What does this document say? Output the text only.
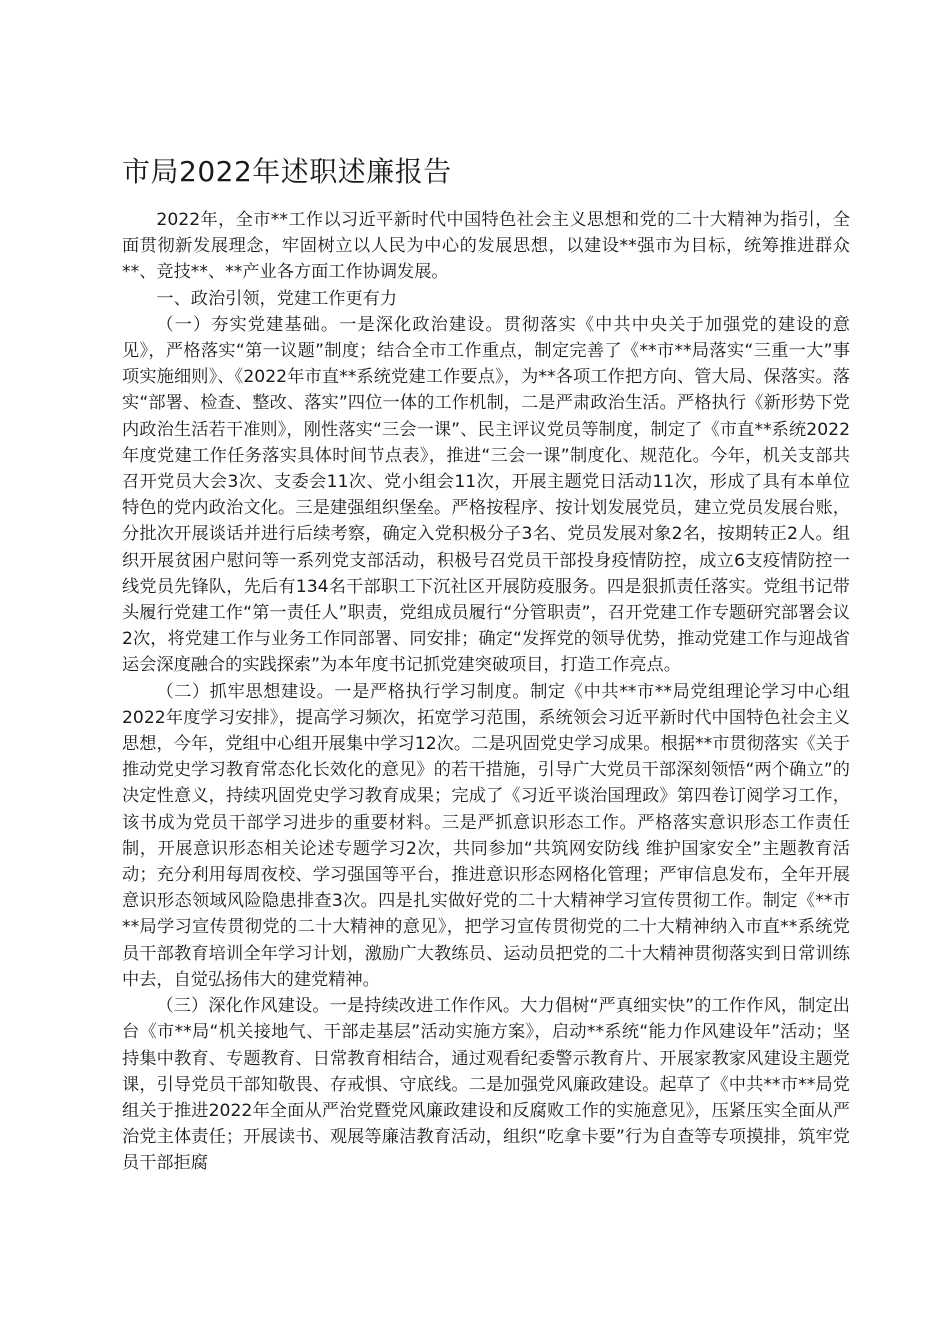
市局2022年述职述廉报告

2022年，全市**工作以习近平新时代中国特色社会主义思想和党的二十大精神为指引，全面贯彻新发展理念，牢固树立以人民为中心的发展思想，以建设**强市为目标，统筹推进群众**、竞技**、**产业各方面工作协调发展。

一、政治引领，党建工作更有力

（一）夯实党建基础。一是深化政治建设。贯彻落实《中共中央关于加强党的建设的意见》，严格落实“第一议题”制度；结合全市工作重点，制定完善了《**市**局落实“三重一大”事项实施细则》、《2022年市直**系统党建工作要点》，为**各项工作把方向、管大局、保落实。落实“部署、检查、整改、落实”四位一体的工作机制，二是严肃政治生活。严格执行《新形势下党内政治生活若干准则》，刚性落实“三会一课”、民主评议党员等制度，制定了《市直**系统2022年度党建工作任务落实具体时间节点表》，推进“三会一课”制度化、规范化。今年，机关支部共召开党员大会3次、支委会11次、党小组会11次，开展主题党日活动11次，形成了具有本单位特色的党内政治文化。三是建强组织堡垒。严格按程序、按计划发展党员，建立党员发展台账，分批次开展谈话并进行后续考察，确定入党积极分子3名、党员发展对象2名，按期转正2人。组织开展贫困户慰问等一系列党支部活动，积极号召党员干部投身疫情防控，成立6支疫情防控一线党员先锋队，先后有134名干部职工下沉社区开展防疫服务。四是狠抓责任落实。党组书记带头履行党建工作“第一责任人”职责，党组成员履行“分管职责”，召开党建工作专题研究部署会议2次，将党建工作与业务工作同部署、同安排；确定“发挥党的领导优势，推动党建工作与迎战省运会深度融合的实践探索”为本年度书记抓党建突破项目，打造工作亮点。

（二）抓牢思想建设。一是严格执行学习制度。制定《中共**市**局党组理论学习中心组2022年度学习安排》，提高学习频次，拓宽学习范围，系统领会习近平新时代中国特色社会主义思想，今年，党组中心组开展集中学习12次。二是巩固党史学习成果。根据**市贯彻落实《关于推动党史学习教育常态化长效化的意见》的若干措施，引导广大党员干部深刻领悟“两个确立”的决定性意义，持续巩固党史学习教育成果；完成了《习近平谈治国理政》第四卷订阅学习工作，该书成为党员干部学习进步的重要材料。三是严抓意识形态工作。严格落实意识形态工作责任制，开展意识形态相关论述专题学习2次，共同参加“共筑网安防线 维护国家安全”主题教育活动；充分利用每周夜校、学习强国等平台，推进意识形态网格化管理；严审信息发布，全年开展意识形态领域风险隐患排查3次。四是扎实做好党的二十大精神学习宣传贯彻工作。制定《**市**局学习宣传贯彻党的二十大精神的意见》，把学习宣传贯彻党的二十大精神纳入市直**系统党员干部教育培训全年学习计划，激励广大教练员、运动员把党的二十大精神贯彻落实到日常训练中去，自觉弘扬伟大的建党精神。

（三）深化作风建设。一是持续改进工作作风。大力倡树“严真细实快”的工作作风，制定出台《市**局“机关接地气、干部走基层”活动实施方案》，启动**系统“能力作风建设年”活动；坚持集中教育、专题教育、日常教育相结合，通过观看纪委警示教育片、开展家教家风建设主题党课，引导党员干部知敬畏、存戒惧、守底线。二是加强党风廉政建设。起草了《中共**市**局党组关于推进2022年全面从严治党暨党风廉政建设和反腐败工作的实施意见》，压紧压实全面从严治党主体责任；开展读书、观展等廉洁教育活动，组织“吃拿卡要”行为自查等专项摸排，筑牢党员干部拒腐
